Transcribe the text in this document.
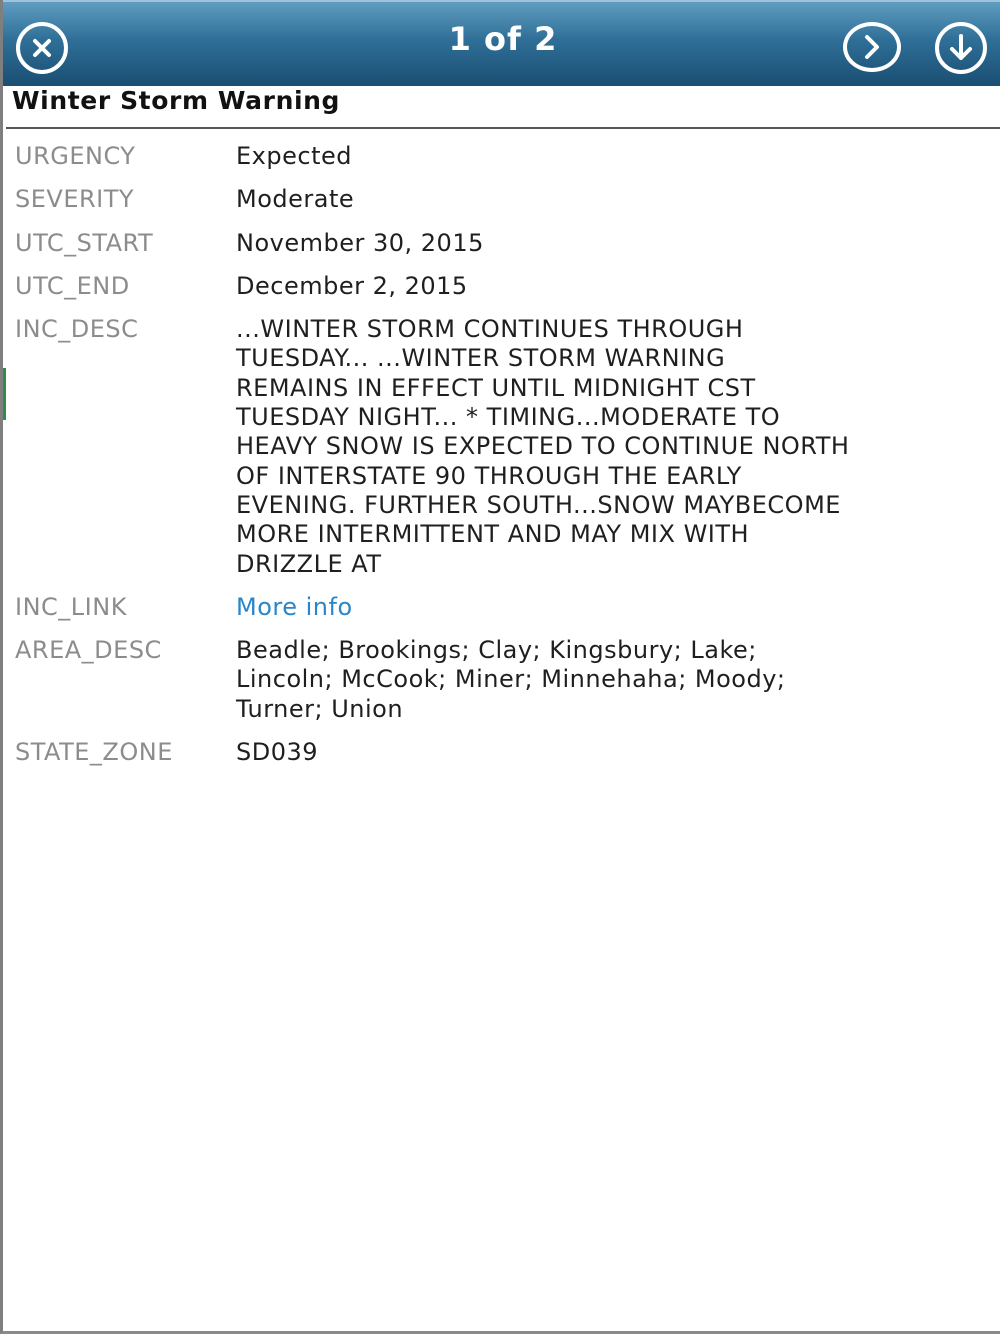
1 of 2
Winter Storm Warning
URGENCY	Expected
SEVERITY	Moderate
UTC_START	November 30, 2015
UTC_END	December 2, 2015
INC_DESC	...WINTER STORM CONTINUES THROUGH
TUESDAY... ...WINTER STORM WARNING
REMAINS IN EFFECT UNTIL MIDNIGHT CST
TUESDAY NIGHT... * TIMING...MODERATE TO
HEAVY SNOW IS EXPECTED TO CONTINUE NORTH
OF INTERSTATE 90 THROUGH THE EARLY
EVENING. FURTHER SOUTH...SNOW MAYBECOME
MORE INTERMITTENT AND MAY MIX WITH
DRIZZLE AT
INC_LINK	More info
AREA_DESC	Beadle; Brookings; Clay; Kingsbury; Lake;
Lincoln; McCook; Miner; Minnehaha; Moody;
Turner; Union
STATE_ZONE	SD039
